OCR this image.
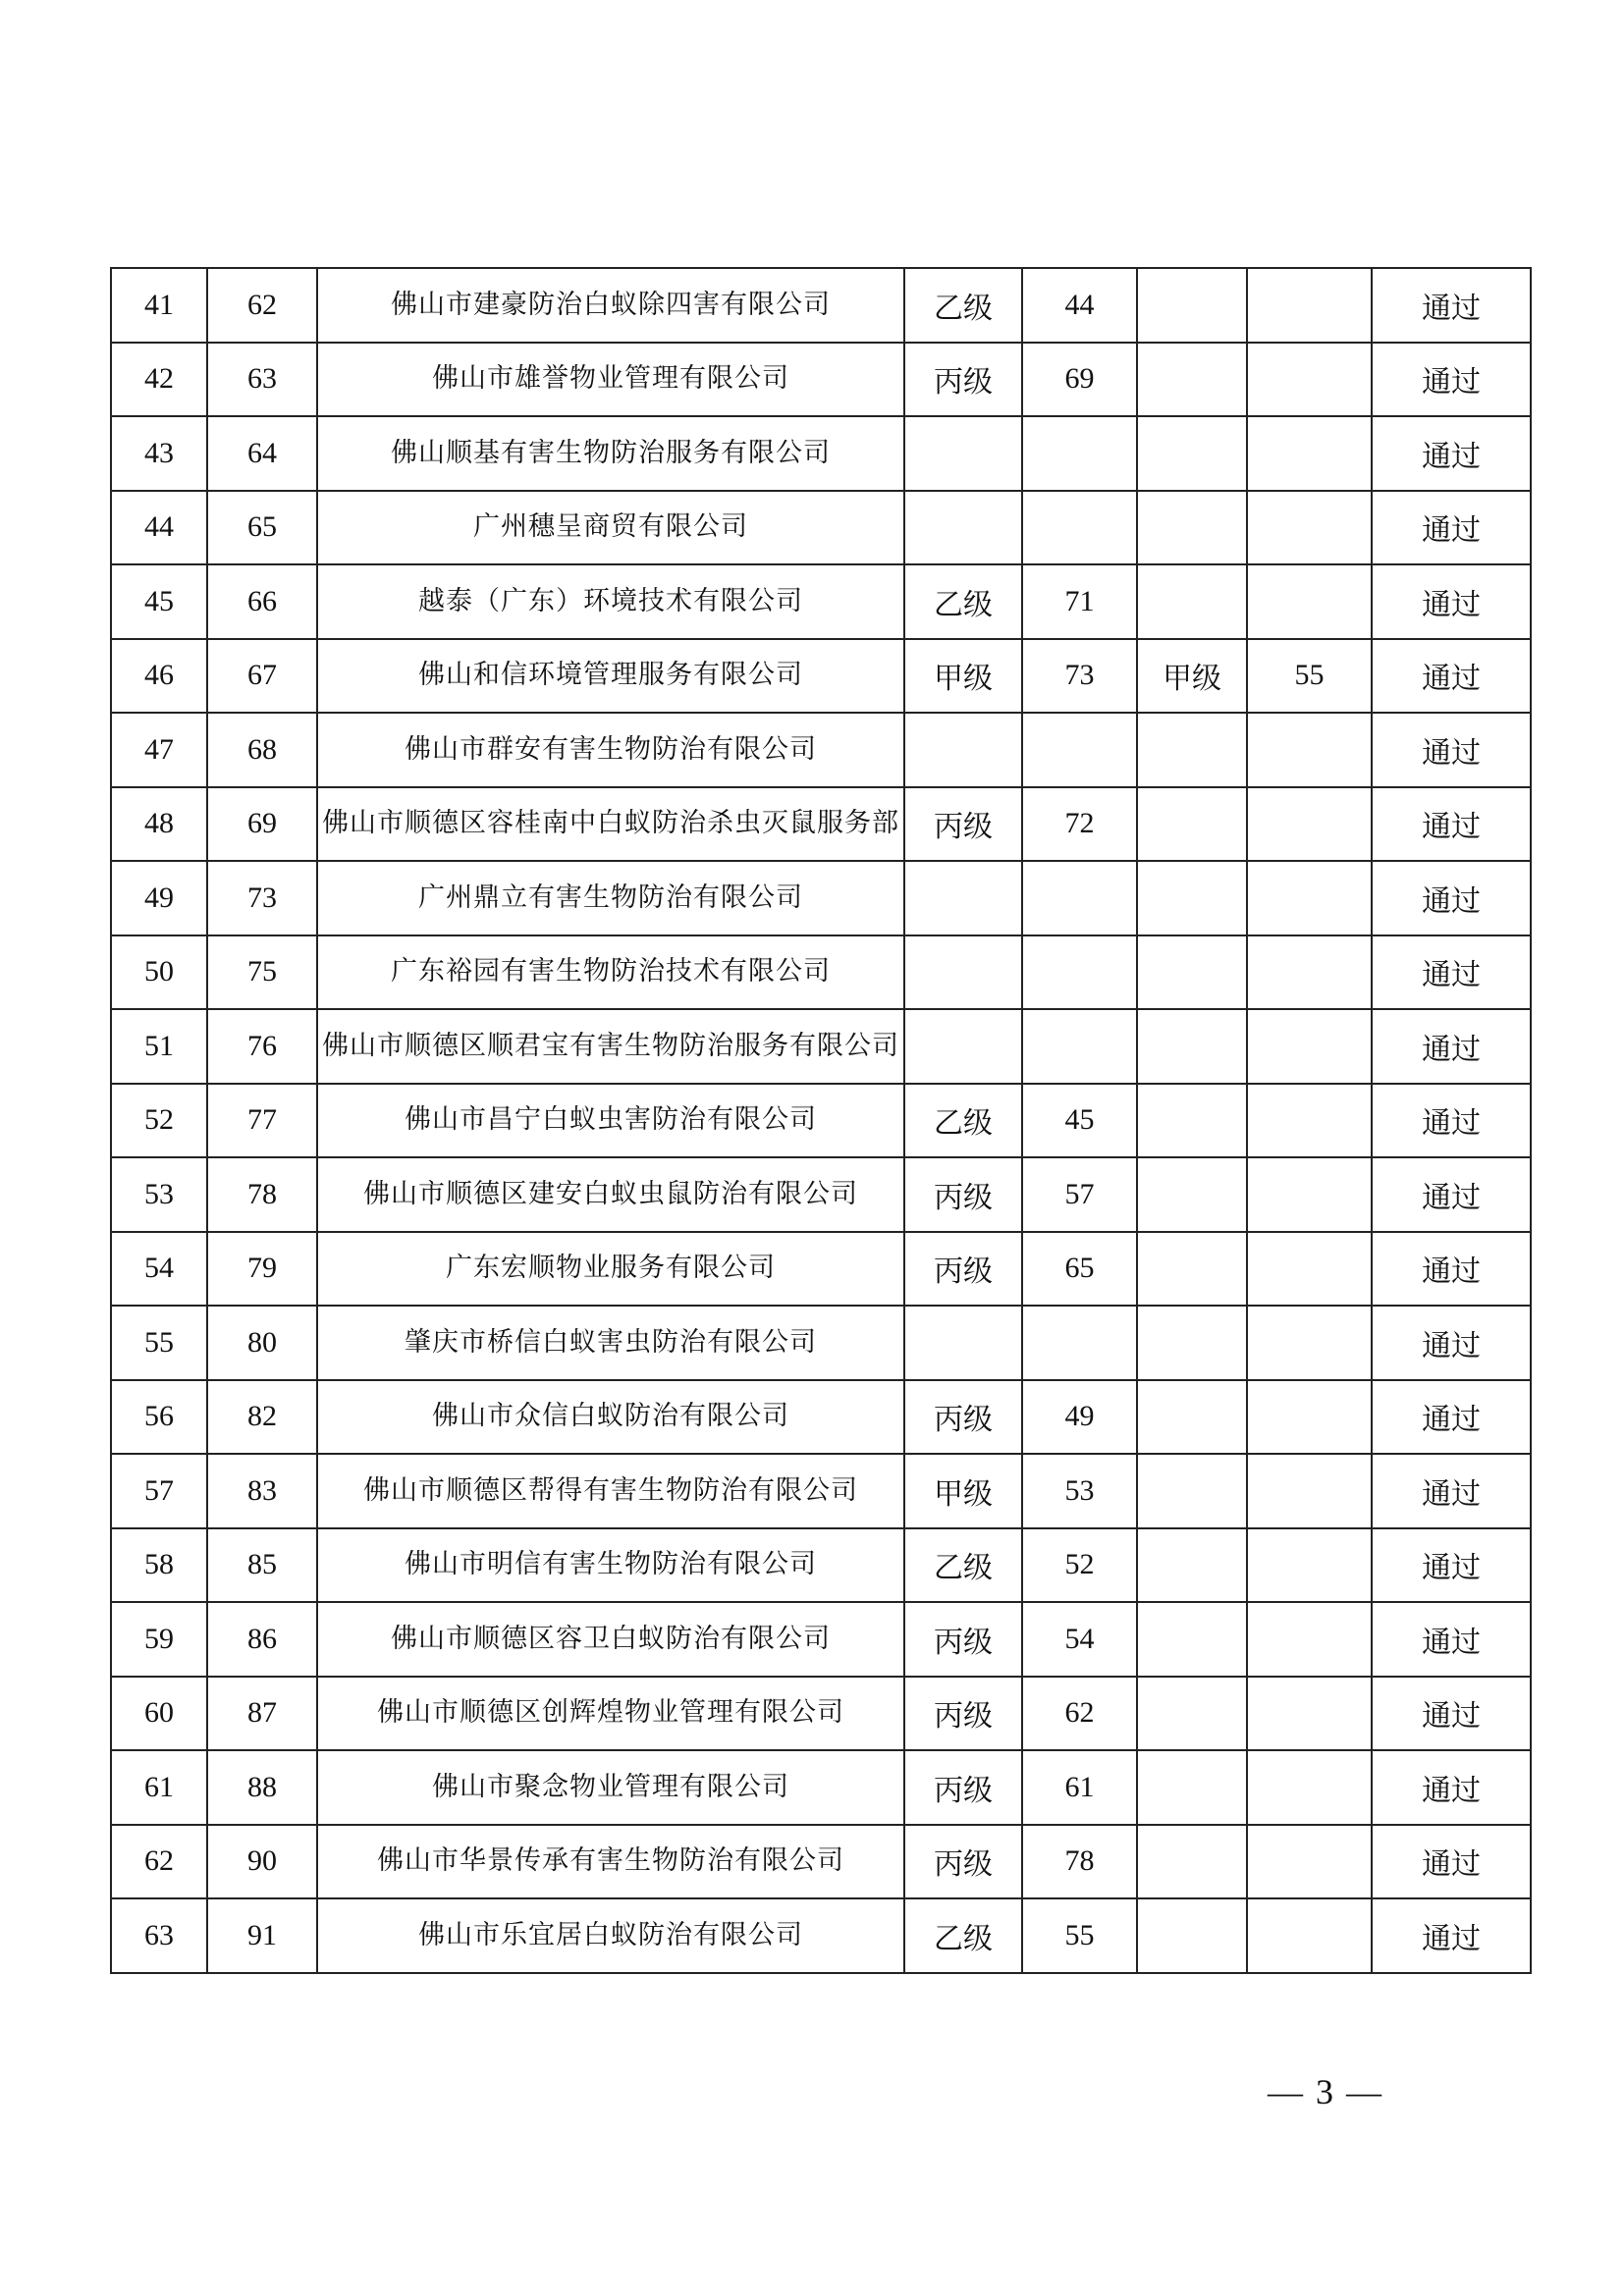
41	62	佛山市建豪防治白蚁除四害有限公司	乙级	44			通过
42	63	佛山市雄誉物业管理有限公司	丙级	69			通过
43	64	佛山顺基有害生物防治服务有限公司					通过
44	65	广州穗呈商贸有限公司					通过
45	66	越泰（广东）环境技术有限公司	乙级	71			通过
46	67	佛山和信环境管理服务有限公司	甲级	73	甲级	55	通过
47	68	佛山市群安有害生物防治有限公司					通过
48	69	佛山市顺德区容桂南中白蚁防治杀虫灭鼠服务部	丙级	72			通过
49	73	广州鼎立有害生物防治有限公司					通过
50	75	广东裕园有害生物防治技术有限公司					通过
51	76	佛山市顺德区顺君宝有害生物防治服务有限公司					通过
52	77	佛山市昌宁白蚁虫害防治有限公司	乙级	45			通过
53	78	佛山市顺德区建安白蚁虫鼠防治有限公司	丙级	57			通过
54	79	广东宏顺物业服务有限公司	丙级	65			通过
55	80	肇庆市桥信白蚁害虫防治有限公司					通过
56	82	佛山市众信白蚁防治有限公司	丙级	49			通过
57	83	佛山市顺德区帮得有害生物防治有限公司	甲级	53			通过
58	85	佛山市明信有害生物防治有限公司	乙级	52			通过
59	86	佛山市顺德区容卫白蚁防治有限公司	丙级	54			通过
60	87	佛山市顺德区创辉煌物业管理有限公司	丙级	62			通过
61	88	佛山市聚念物业管理有限公司	丙级	61			通过
62	90	佛山市华景传承有害生物防治有限公司	丙级	78			通过
63	91	佛山市乐宜居白蚁防治有限公司	乙级	55			通过
— 3 —
